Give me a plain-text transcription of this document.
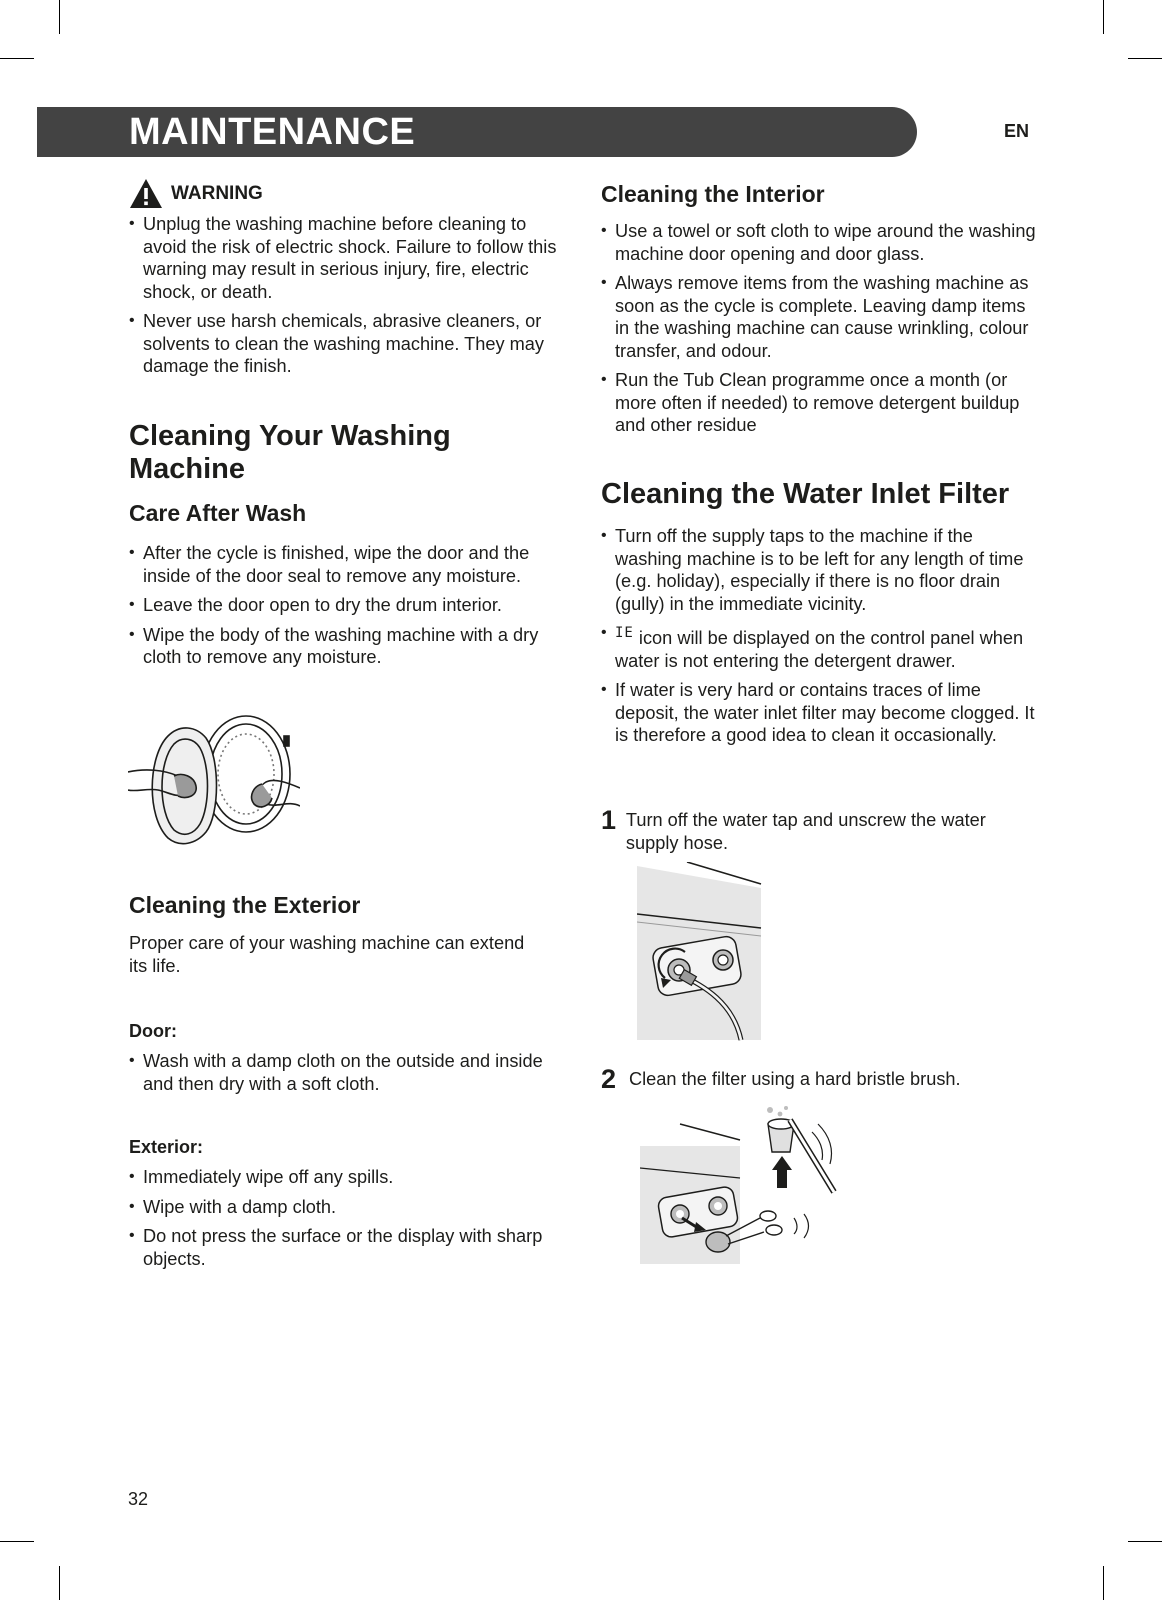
MAINTENANCE	EN
WARNING
• Unplug the washing machine before cleaning to avoid the risk of electric shock. Failure to follow this warning may result in serious injury, fire, electric shock, or death.
• Never use harsh chemicals, abrasive cleaners, or solvents to clean the washing machine. They may damage the finish.
Cleaning Your Washing Machine
Care After Wash
• After the cycle is finished, wipe the door and the inside of the door seal to remove any moisture.
• Leave the door open to dry the drum interior.
• Wipe the body of the washing machine with a dry cloth to remove any moisture.
Cleaning the Exterior

Proper care of your washing machine can extend its life.

Door:
• Wash with a damp cloth on the outside and inside and then dry with a soft cloth.
Exterior:
• Immediately wipe off any spills.
• Wipe with a damp cloth.
• Do not press the surface or the display with sharp objects.
Cleaning the Interior
• Use a towel or soft cloth to wipe around the washing machine door opening and door glass.
• Always remove items from the washing machine as soon as the cycle is complete. Leaving damp items in the washing machine can cause wrinkling, colour transfer, and odour.
• Run the Tub Clean programme once a month (or more often if needed) to remove detergent buildup and other residue
Cleaning the Water Inlet Filter
• Turn off the supply taps to the machine if the washing machine is to be left for any length of time (e.g. holiday), especially if there is no floor drain (gully) in the immediate vicinity.
• $^{IE}$ icon will be displayed on the control panel when water is not entering the detergent drawer.
• If water is very hard or contains traces of lime deposit, the water inlet filter may become clogged. It is therefore a good idea to clean it occasionally.
1 Turn off the water tap and unscrew the water supply hose.
2 Clean the filter using a hard bristle brush.
32
